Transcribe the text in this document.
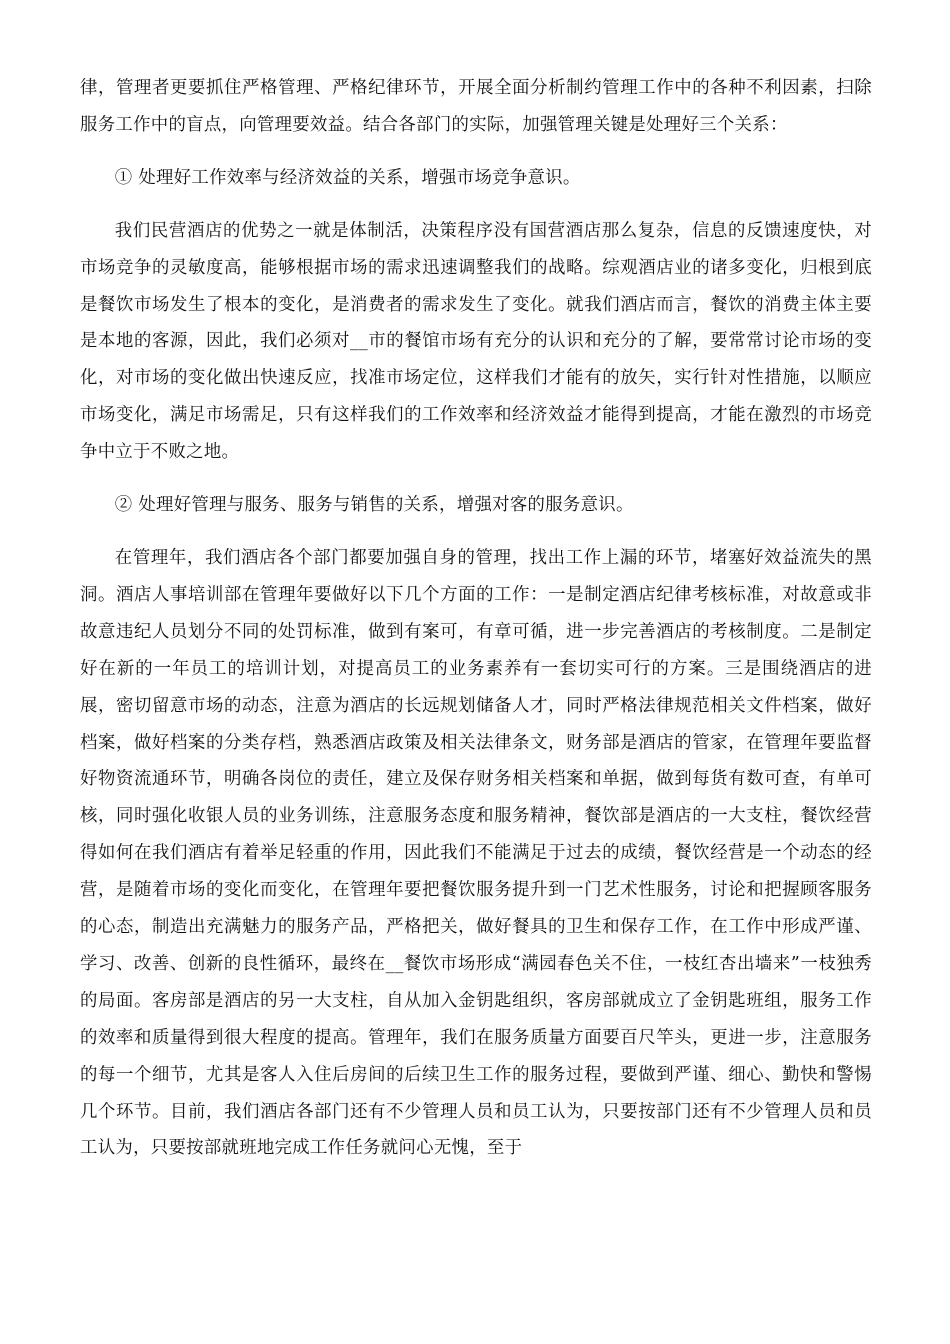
律，管理者更要抓住严格管理、严格纪律环节，开展全面分析制约管理工作中的各种不利因素，扫除服务工作中的盲点，向管理要效益。结合各部门的实际，加强管理关键是处理好三个关系：

① 处理好工作效率与经济效益的关系，增强市场竞争意识。

我们民营酒店的优势之一就是体制活，决策程序没有国营酒店那么复杂，信息的反馈速度快，对市场竞争的灵敏度高，能够根据市场的需求迅速调整我们的战略。综观酒店业的诸多变化，归根到底是餐饮市场发生了根本的变化，是消费者的需求发生了变化。就我们酒店而言，餐饮的消费主体主要是本地的客源，因此，我们必须对__市的餐馆市场有充分的认识和充分的了解，要常常讨论市场的变化，对市场的变化做出快速反应，找准市场定位，这样我们才能有的放矢，实行针对性措施，以顺应市场变化，满足市场需足，只有这样我们的工作效率和经济效益才能得到提高，才能在激烈的市场竞争中立于不败之地。

② 处理好管理与服务、服务与销售的关系，增强对客的服务意识。

在管理年，我们酒店各个部门都要加强自身的管理，找出工作上漏的环节，堵塞好效益流失的黑洞。酒店人事培训部在管理年要做好以下几个方面的工作：一是制定酒店纪律考核标准，对故意或非故意违纪人员划分不同的处罚标准，做到有案可，有章可循，进一步完善酒店的考核制度。二是制定好在新的一年员工的培训计划，对提高员工的业务素养有一套切实可行的方案。三是围绕酒店的进展，密切留意市场的动态，注意为酒店的长远规划储备人才，同时严格法律规范相关文件档案，做好档案，做好档案的分类存档，熟悉酒店政策及相关法律条文，财务部是酒店的管家，在管理年要监督好物资流通环节，明确各岗位的责任，建立及保存财务相关档案和单据，做到每货有数可查，有单可核，同时强化收银人员的业务训练，注意服务态度和服务精神，餐饮部是酒店的一大支柱，餐饮经营得如何在我们酒店有着举足轻重的作用，因此我们不能满足于过去的成绩，餐饮经营是一个动态的经营，是随着市场的变化而变化，在管理年要把餐饮服务提升到一门艺术性服务，讨论和把握顾客服务的心态，制造出充满魅力的服务产品，严格把关，做好餐具的卫生和保存工作，在工作中形成严谨、学习、改善、创新的良性循环，最终在__餐饮市场形成“满园春色关不住，一枝红杏出墙来”一枝独秀的局面。客房部是酒店的另一大支柱，自从加入金钥匙组织，客房部就成立了金钥匙班组，服务工作的效率和质量得到很大程度的提高。管理年，我们在服务质量方面要百尺竿头，更进一步，注意服务的每一个细节，尤其是客人入住后房间的后续卫生工作的服务过程，要做到严谨、细心、勤快和警惕几个环节。目前，我们酒店各部门还有不少管理人员和员工认为，只要按部门还有不少管理人员和员工认为，只要按部就班地完成工作任务就问心无愧，至于
